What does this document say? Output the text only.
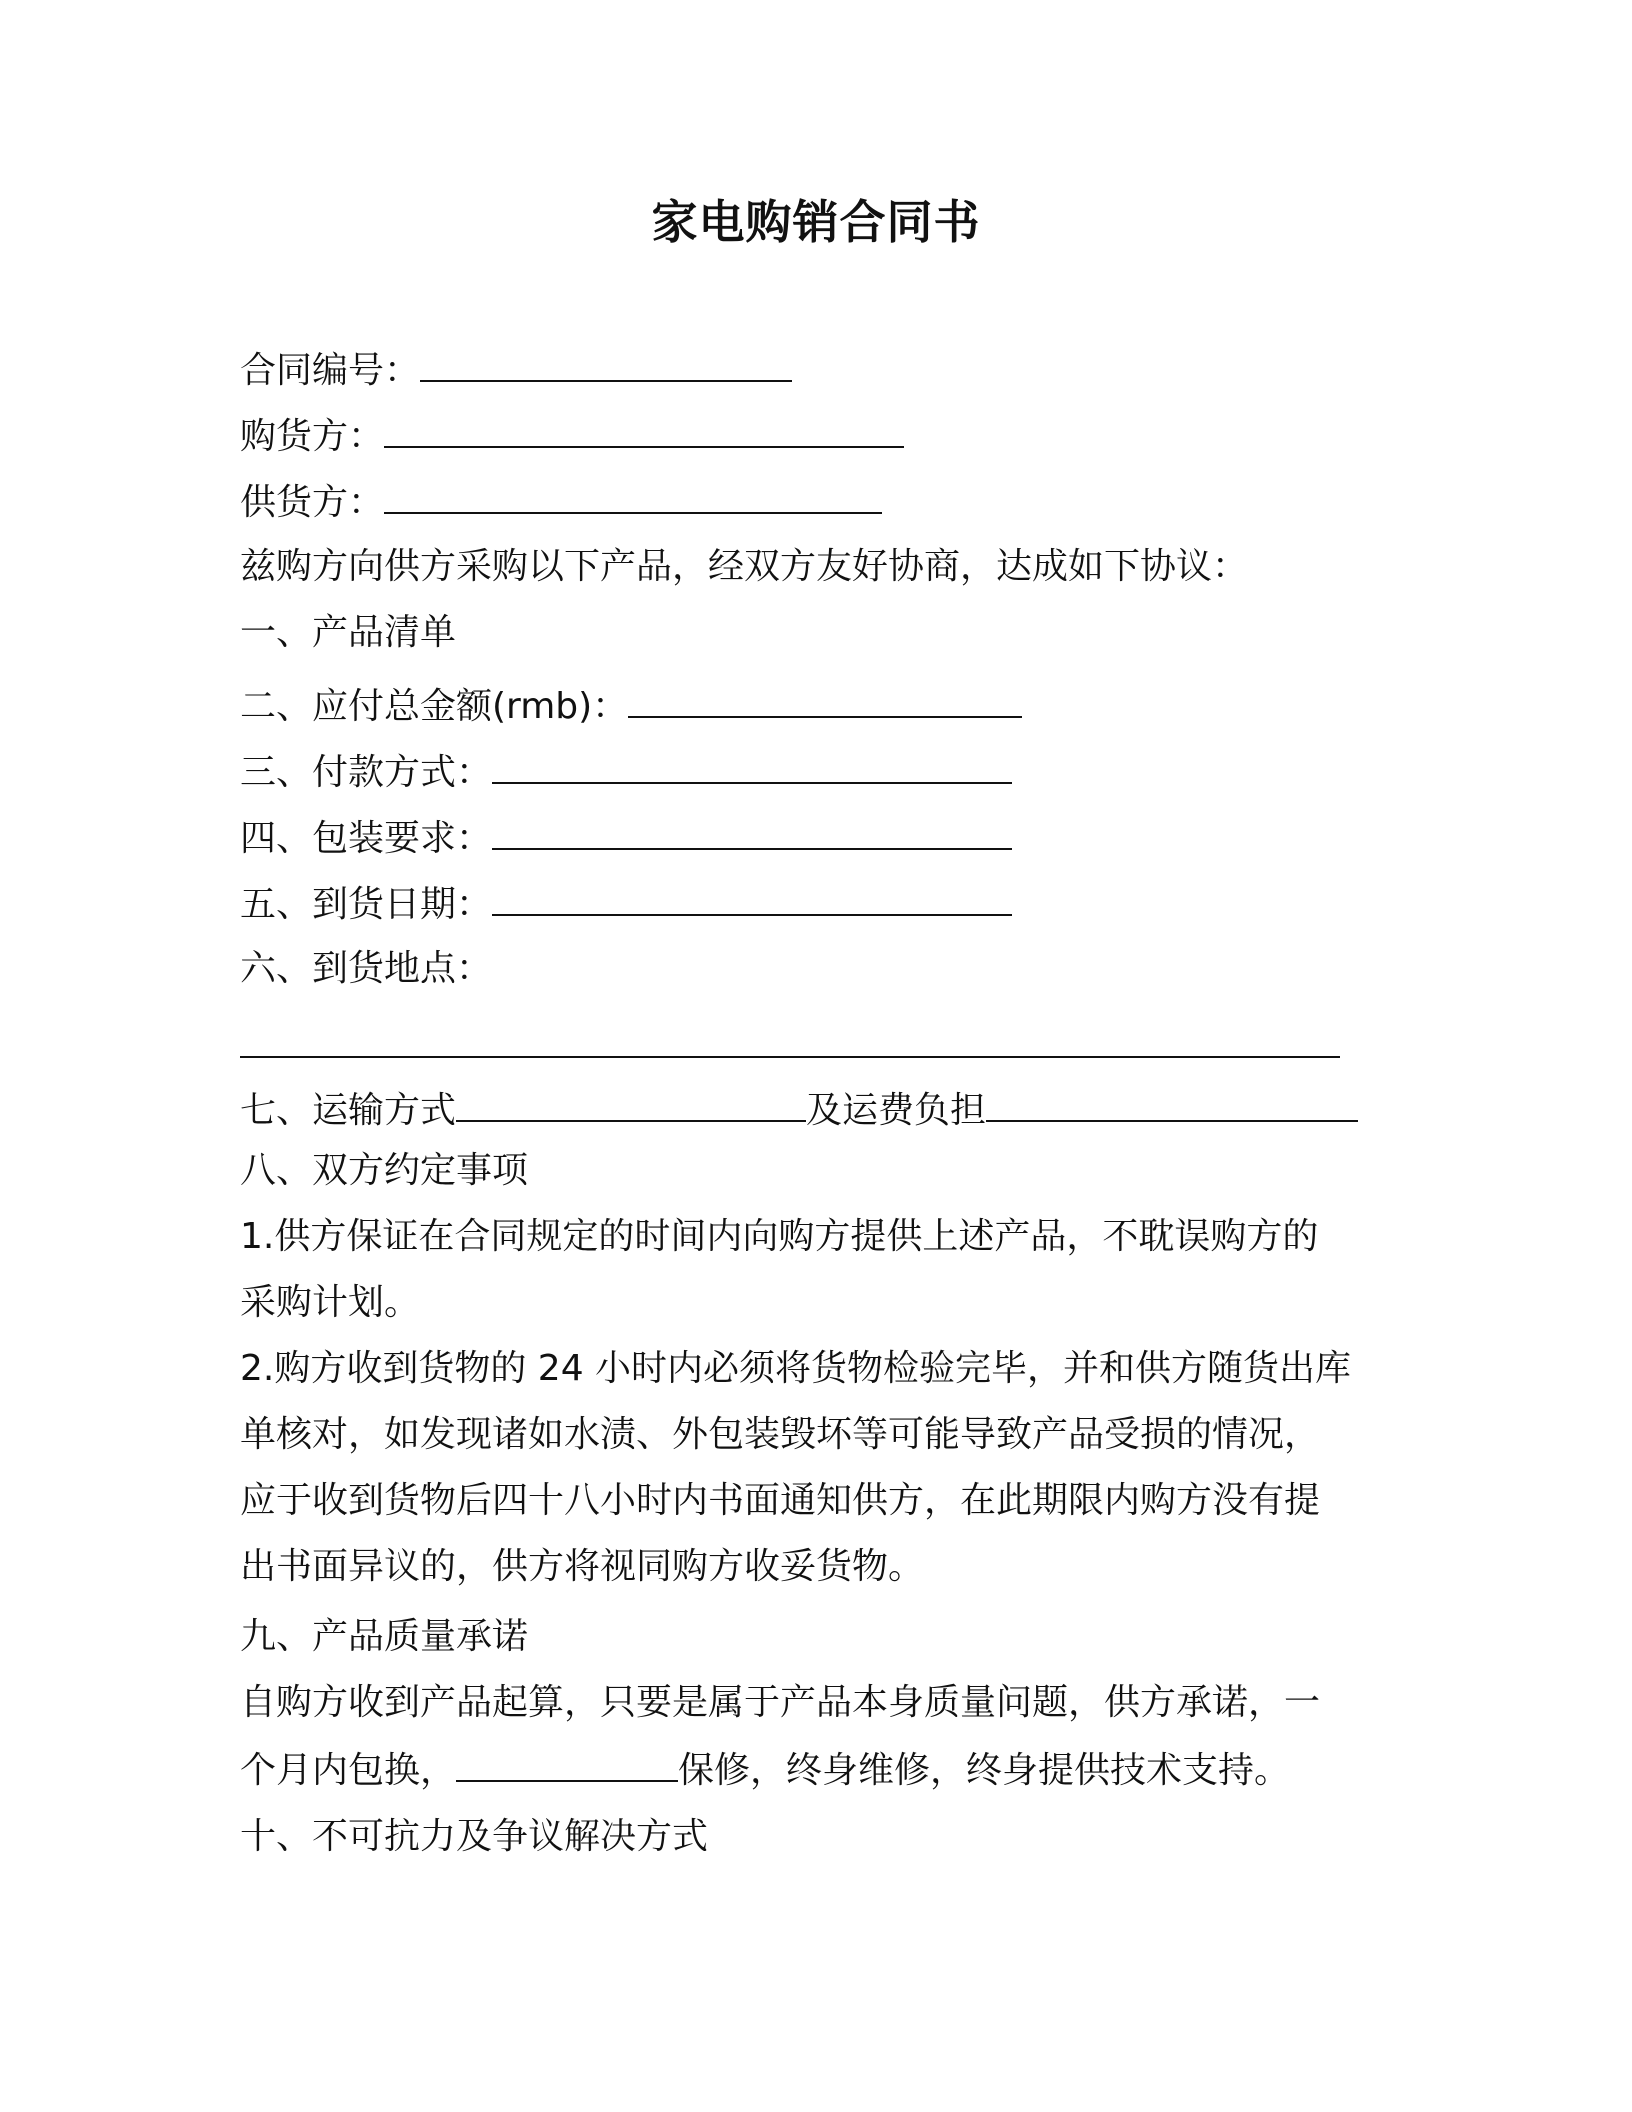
家电购销合同书
合同编号：
购货方：
供货方：
兹购方向供方采购以下产品，经双方友好协商，达成如下协议：
一、产品清单
二、应付总金额(rmb)：
三、付款方式：
四、包装要求：
五、到货日期：
六、到货地点：
七、运输方式	及运费负担
八、双方约定事项
1.供方保证在合同规定的时间内向购方提供上述产品，不耽误购方的
采购计划。
2.购方收到货物的 24 小时内必须将货物检验完毕，并和供方随货出库
单核对，如发现诸如水渍、外包装毁坏等可能导致产品受损的情况，
应于收到货物后四十八小时内书面通知供方，在此期限内购方没有提
出书面异议的，供方将视同购方收妥货物。
九、产品质量承诺
自购方收到产品起算，只要是属于产品本身质量问题，供方承诺，一
个月内包换，	保修，终身维修，终身提供技术支持。
十、不可抗力及争议解决方式
